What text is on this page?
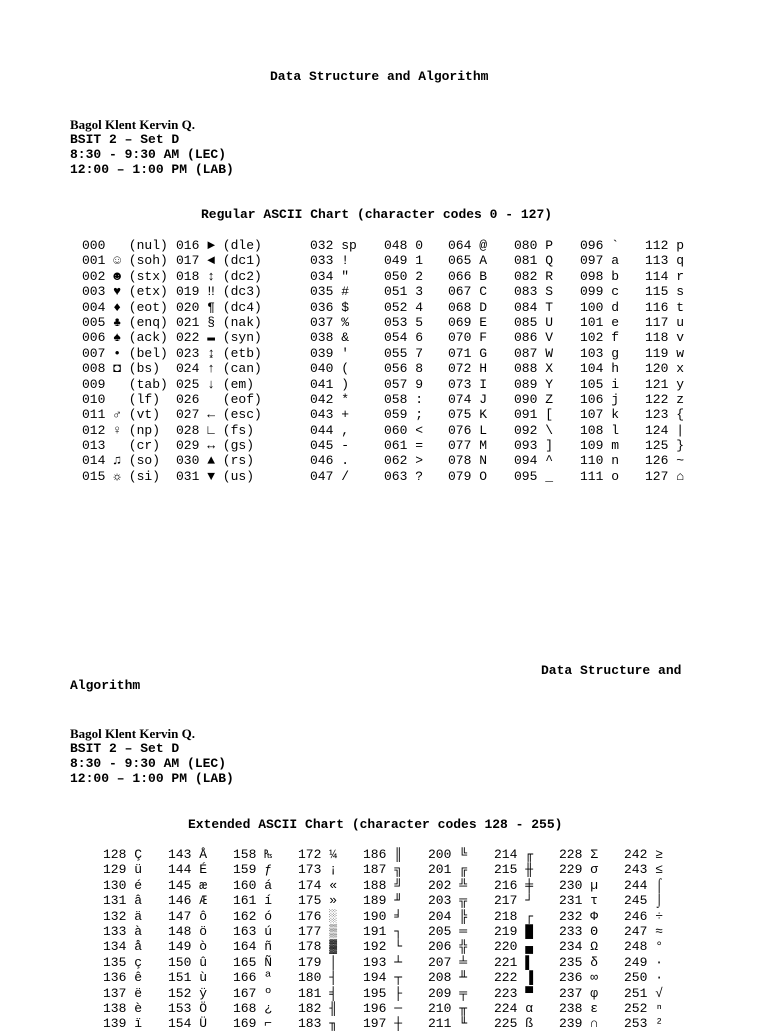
Data Structure and Algorithm
Bagol Klent Kervin Q.
BSIT 2 – Set D
8:30 - 9:30 AM (LEC)
12:00 – 1:00 PM (LAB)
Regular ASCII Chart (character codes 0 - 127)
000   (nul)
001 ☺ (soh)
002 ☻ (stx)
003 ♥ (etx)
004 ♦ (eot)
005 ♣ (enq)
006 ♠ (ack)
007 • (bel)
008 ◘ (bs)
009   (tab)
010   (lf)
011 ♂ (vt)
012 ♀ (np)
013   (cr)
014 ♫ (so)
015 ☼ (si)
016 ► (dle)
017 ◄ (dc1)
018 ↕ (dc2)
019 ‼ (dc3)
020 ¶ (dc4)
021 § (nak)
022 ▬ (syn)
023 ↨ (etb)
024 ↑ (can)
025 ↓ (em)
026   (eof)
027 ← (esc)
028 ∟ (fs)
029 ↔ (gs)
030 ▲ (rs)
031 ▼ (us)
032 sp
033 !
034 "
035 #
036 $
037 %
038 &
039 '
040 (
041 )
042 *
043 +
044 ,
045 -
046 .
047 /
048 0
049 1
050 2
051 3
052 4
053 5
054 6
055 7
056 8
057 9
058 :
059 ;
060 <
061 =
062 >
063 ?
064 @
065 A
066 B
067 C
068 D
069 E
070 F
071 G
072 H
073 I
074 J
075 K
076 L
077 M
078 N
079 O
080 P
081 Q
082 R
083 S
084 T
085 U
086 V
087 W
088 X
089 Y
090 Z
091 [
092 \
093 ]
094 ^
095 _
096 `
097 a
098 b
099 c
100 d
101 e
102 f
103 g
104 h
105 i
106 j
107 k
108 l
109 m
110 n
111 o
112 p
113 q
114 r
115 s
116 t
117 u
118 v
119 w
120 x
121 y
122 z
123 {
124 |
125 }
126 ~
127 ⌂
Data Structure and
Algorithm
Bagol Klent Kervin Q.
BSIT 2 – Set D
8:30 - 9:30 AM (LEC)
12:00 – 1:00 PM (LAB)
Extended ASCII Chart (character codes 128 - 255)
128 Ç
129 ü
130 é
131 â
132 ä
133 à
134 å
135 ç
136 ê
137 ë
138 è
139 ï
143 Å
144 É
145 æ
146 Æ
147 ô
148 ö
149 ò
150 û
151 ù
152 ÿ
153 Ö
154 Ü
158 ₧
159 ƒ
160 á
161 í
162 ó
163 ú
164 ñ
165 Ñ
166 ª
167 º
168 ¿
169 ⌐
172 ¼
173 ¡
174 «
175 »
176 ░
177 ▒
178 ▓
179 │
180 ┤
181 ╡
182 ╢
183 ╖
186 ║
187 ╗
188 ╝
189 ╜
190 ╛
191 ┐
192 └
193 ┴
194 ┬
195 ├
196 ─
197 ┼
200 ╚
201 ╔
202 ╩
203 ╦
204 ╠
205 ═
206 ╬
207 ╧
208 ╨
209 ╤
210 ╥
211 ╙
214 ╓
215 ╫
216 ╪
217 ┘
218 ┌
219 █
220 ▄
221 ▌
222 ▐
223 ▀
224 α
225 ß
228 Σ
229 σ
230 µ
231 τ
232 Φ
233 Θ
234 Ω
235 δ
236 ∞
237 φ
238 ε
239 ∩
242 ≥
243 ≤
244 ⌠
245 ⌡
246 ÷
247 ≈
248 °
249 ∙
250 ·
251 √
252 ⁿ
253 ²
